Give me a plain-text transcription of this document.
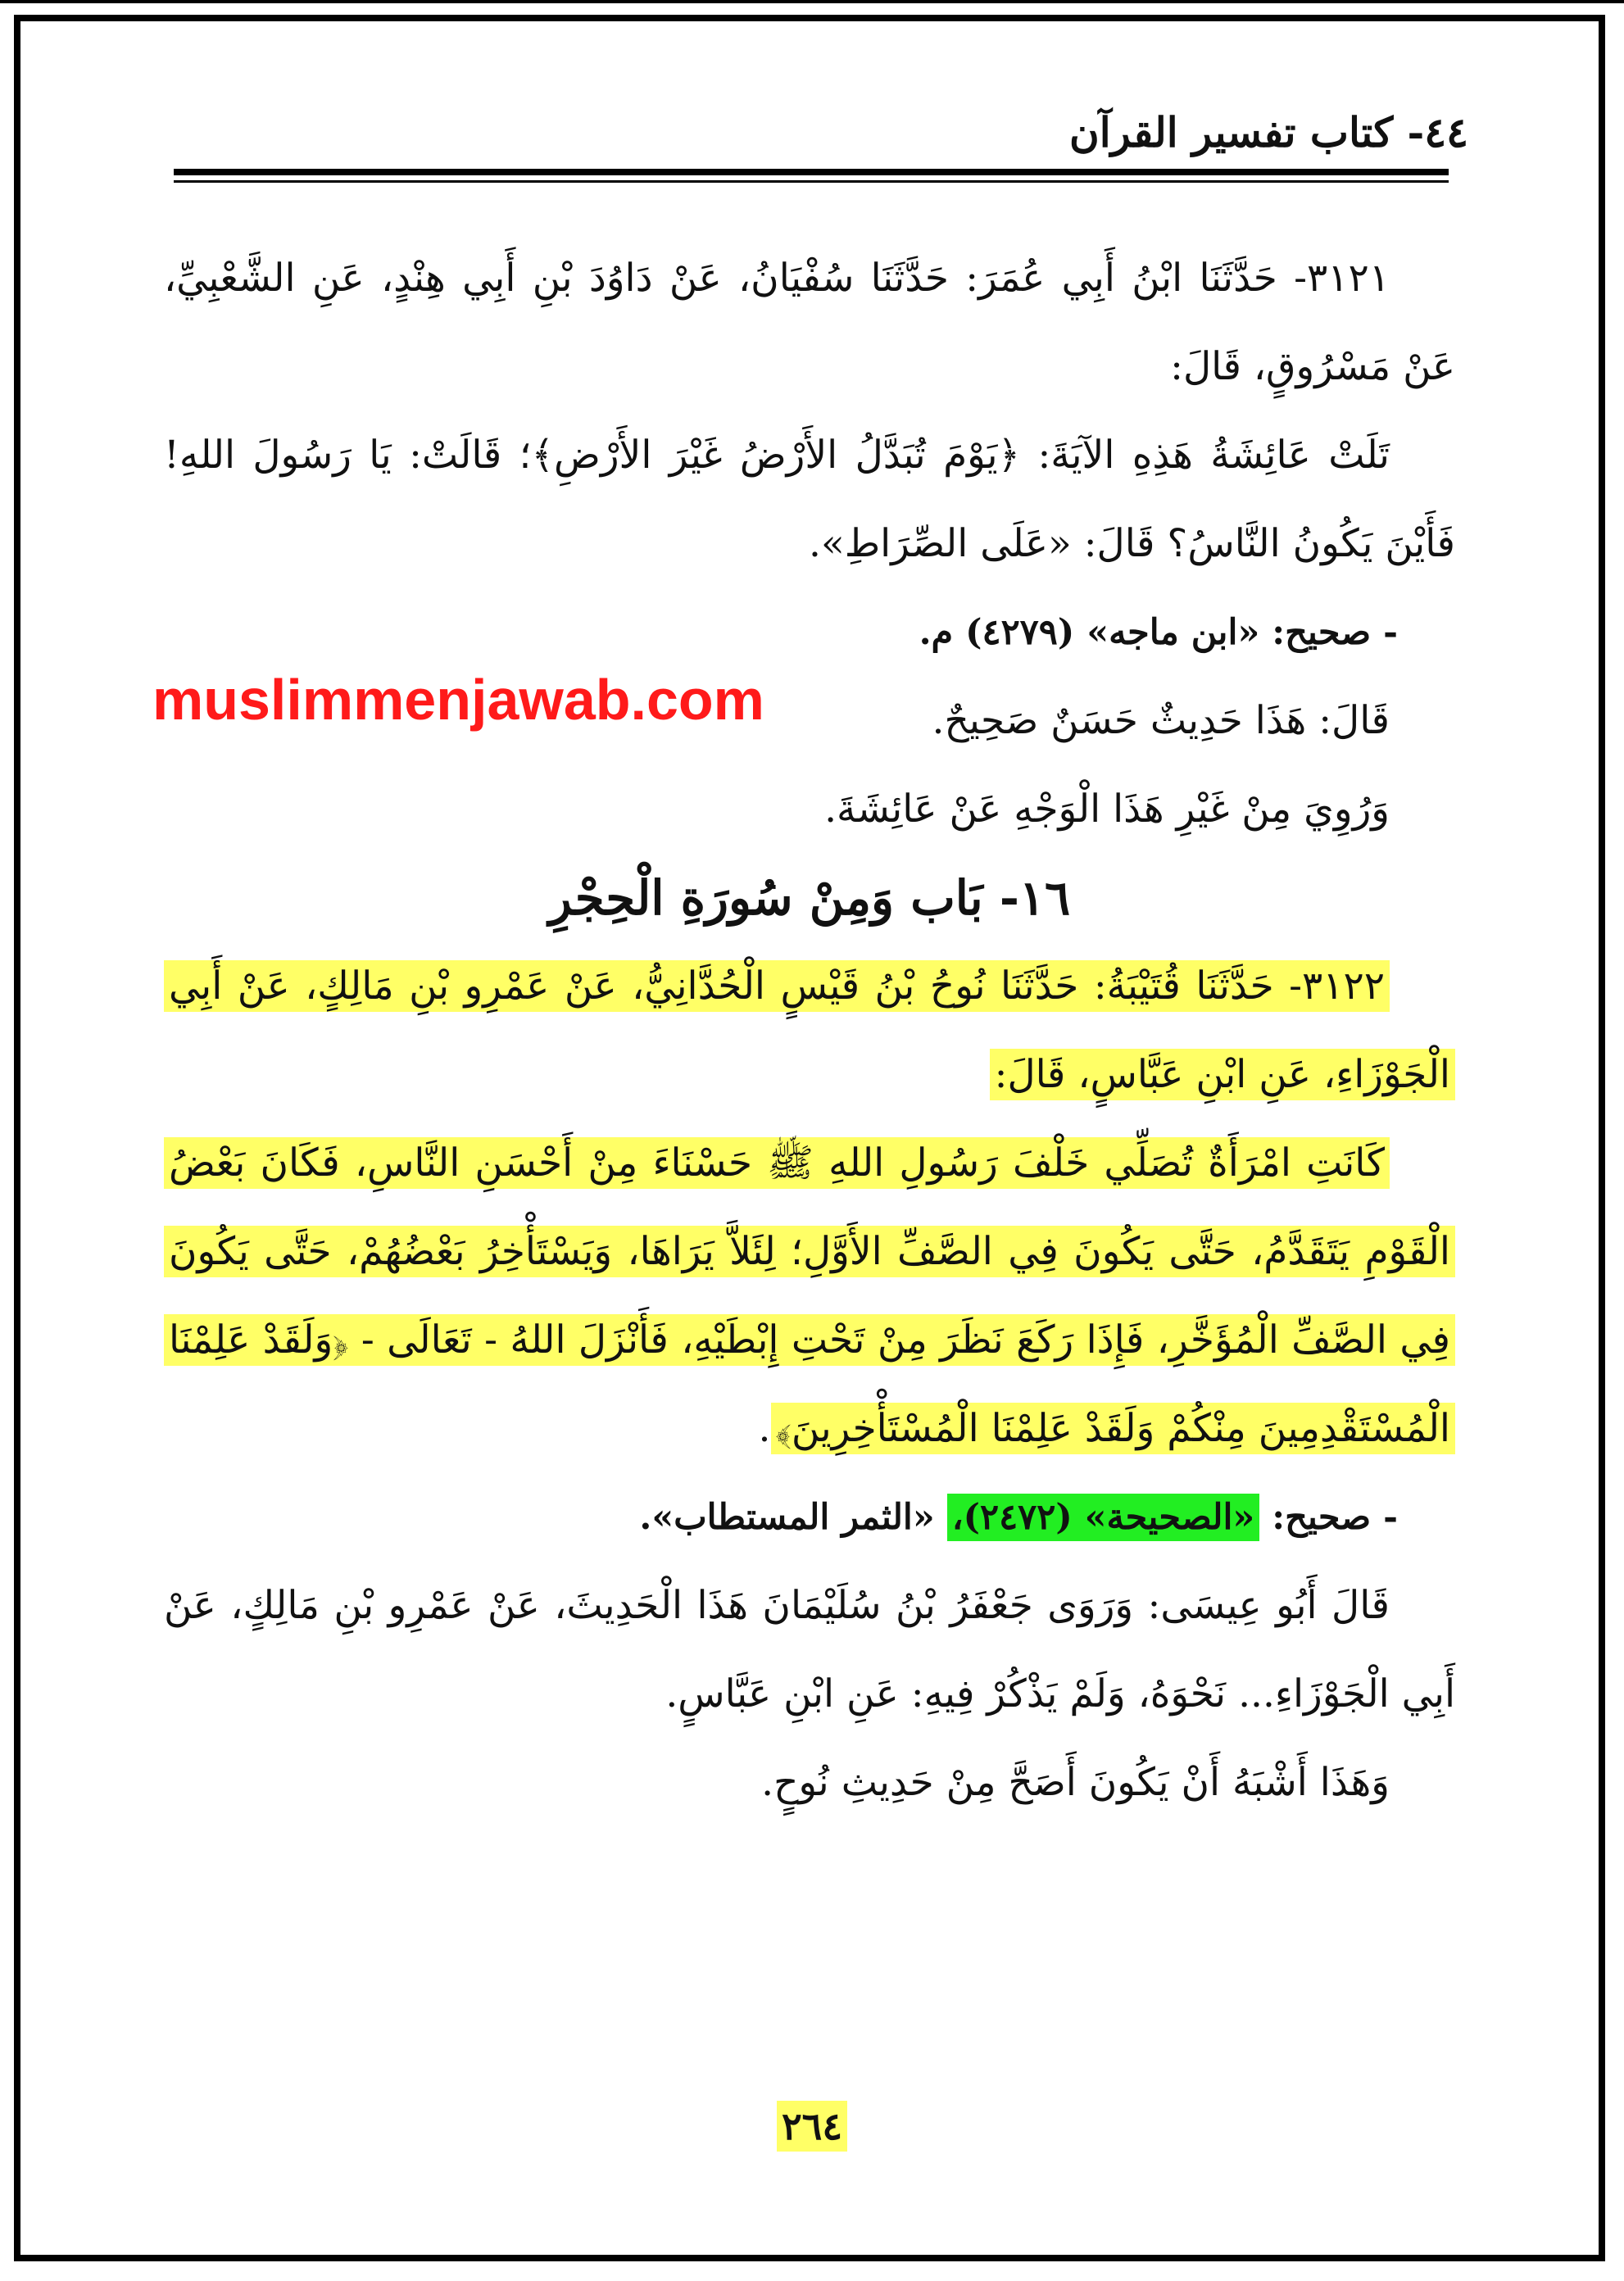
٤٤- كتاب تفسير القرآن

٣١٢١- حَدَّثَنَا ابْنُ أَبِي عُمَرَ: حَدَّثَنَا سُفْيَانُ، عَنْ دَاوُدَ بْنِ أَبِي هِنْدٍ، عَنِ الشَّعْبِيِّ، عَنْ مَسْرُوقٍ، قَالَ:

تَلَتْ عَائِشَةُ هَذِهِ الآيَةَ: ﴿يَوْمَ تُبَدَّلُ الأَرْضُ غَيْرَ الأَرْضِ﴾؛ قَالَتْ: يَا رَسُولَ اللهِ! فَأَيْنَ يَكُونُ النَّاسُ؟ قَالَ: «عَلَى الصِّرَاطِ».

- صحيح: «ابن ماجه» (٤٢٧٩) م.

قَالَ: هَذَا حَدِيثٌ حَسَنٌ صَحِيحٌ.

وَرُوِيَ مِنْ غَيْرِ هَذَا الْوَجْهِ عَنْ عَائِشَةَ.

١٦- بَاب وَمِنْ سُورَةِ الْحِجْرِ

٣١٢٢- حَدَّثَنَا قُتَيْبَةُ: حَدَّثَنَا نُوحُ بْنُ قَيْسٍ الْحُدَّانِيُّ، عَنْ عَمْرِو بْنِ مَالِكٍ، عَنْ أَبِي الْجَوْزَاءِ، عَنِ ابْنِ عَبَّاسٍ، قَالَ:

كَانَتِ امْرَأَةٌ تُصَلِّي خَلْفَ رَسُولِ اللهِ ﷺ حَسْنَاءَ مِنْ أَحْسَنِ النَّاسِ، فَكَانَ بَعْضُ الْقَوْمِ يَتَقَدَّمُ، حَتَّى يَكُونَ فِي الصَّفِّ الأَوَّلِ؛ لِئَلاَّ يَرَاهَا، وَيَسْتَأْخِرُ بَعْضُهُمْ، حَتَّى يَكُونَ فِي الصَّفِّ الْمُؤَخَّرِ، فَإِذَا رَكَعَ نَظَرَ مِنْ تَحْتِ إِبْطَيْهِ، فَأَنْزَلَ اللهُ - تَعَالَى - ﴿وَلَقَدْ عَلِمْنَا الْمُسْتَقْدِمِينَ مِنْكُمْ وَلَقَدْ عَلِمْنَا الْمُسْتَأْخِرِينَ﴾.

- صحيح: «الصحيحة» (٢٤٧٢)، «الثمر المستطاب».

قَالَ أَبُو عِيسَى: وَرَوَى جَعْفَرُ بْنُ سُلَيْمَانَ هَذَا الْحَدِيثَ، عَنْ عَمْرِو بْنِ مَالِكٍ، عَنْ أَبِي الْجَوْزَاءِ... نَحْوَهُ، وَلَمْ يَذْكُرْ فِيهِ: عَنِ ابْنِ عَبَّاسٍ.

وَهَذَا أَشْبَهُ أَنْ يَكُونَ أَصَحَّ مِنْ حَدِيثِ نُوحٍ.

muslimmenjawab.com
٢٦٤
